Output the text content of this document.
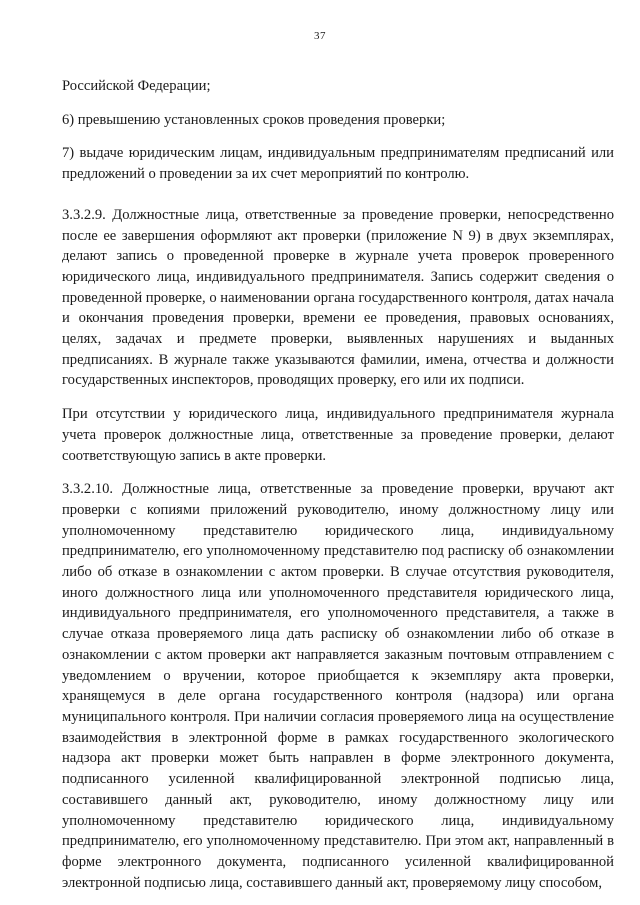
37

Российской Федерации;

6) превышению установленных сроков проведения проверки;

7) выдаче юридическим лицам, индивидуальным предпринимателям предписаний или предложений о проведении за их счет мероприятий по контролю.

3.3.2.9. Должностные лица, ответственные за проведение проверки, непосредственно после ее завершения оформляют акт проверки (приложение N 9) в двух экземплярах, делают запись о проведенной проверке в журнале учета проверок проверенного юридического лица, индивидуального предпринимателя. Запись содержит сведения о проведенной проверке, о наименовании органа государственного контроля, датах начала и окончания проведения проверки, времени ее проведения, правовых основаниях, целях, задачах и предмете проверки, выявленных нарушениях и выданных предписаниях. В журнале также указываются фамилии, имена, отчества и должности государственных инспекторов, проводящих проверку, его или их подписи.

При отсутствии у юридического лица, индивидуального предпринимателя журнала учета проверок должностные лица, ответственные за проведение проверки, делают соответствующую запись в акте проверки.

3.3.2.10. Должностные лица, ответственные за проведение проверки, вручают акт проверки с копиями приложений руководителю, иному должностному лицу или уполномоченному представителю юридического лица, индивидуальному предпринимателю, его уполномоченному представителю под расписку об ознакомлении либо об отказе в ознакомлении с актом проверки. В случае отсутствия руководителя, иного должностного лица или уполномоченного представителя юридического лица, индивидуального предпринимателя, его уполномоченного представителя, а также в случае отказа проверяемого лица дать расписку об ознакомлении либо об отказе в ознакомлении с актом проверки акт направляется заказным почтовым отправлением с уведомлением о вручении, которое приобщается к экземпляру акта проверки, хранящемуся в деле органа государственного контроля (надзора) или органа муниципального контроля. При наличии согласия проверяемого лица на осуществление взаимодействия в электронной форме в рамках государственного экологического надзора акт проверки может быть направлен в форме электронного документа, подписанного усиленной квалифицированной электронной подписью лица, составившего данный акт, руководителю, иному должностному лицу или уполномоченному представителю юридического лица, индивидуальному предпринимателю, его уполномоченному представителю. При этом акт, направленный в форме электронного документа, подписанного усиленной квалифицированной электронной подписью лица, составившего данный акт, проверяемому лицу способом,
